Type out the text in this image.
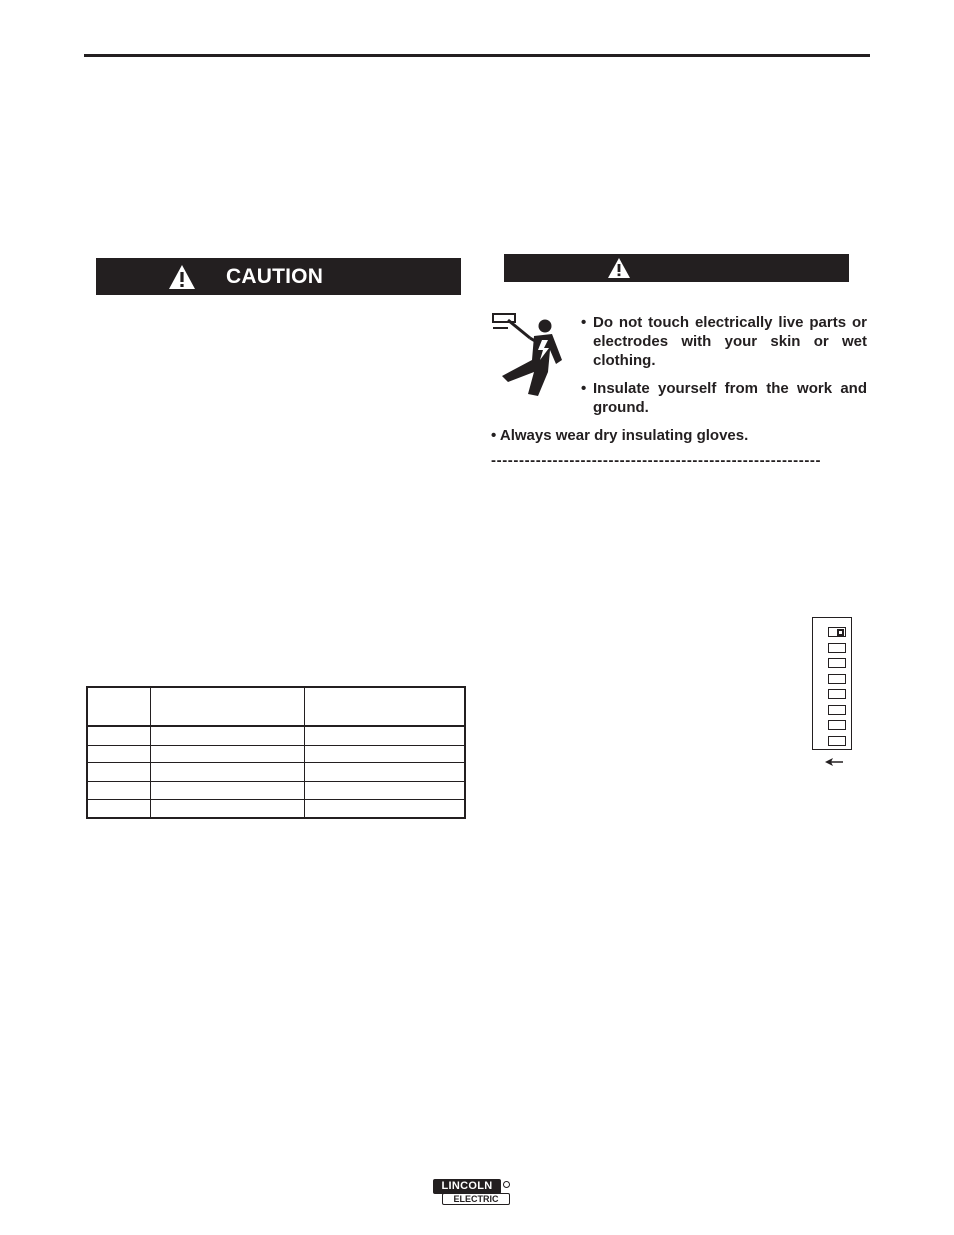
CAUTION
• Do not touch electrically live parts or electrodes with your skin or wet clothing.
• Insulate yourself from the work and ground.
• Always wear dry insulating gloves.
-----------------------------------------------------------
ELECTRIC
LINCOLN
